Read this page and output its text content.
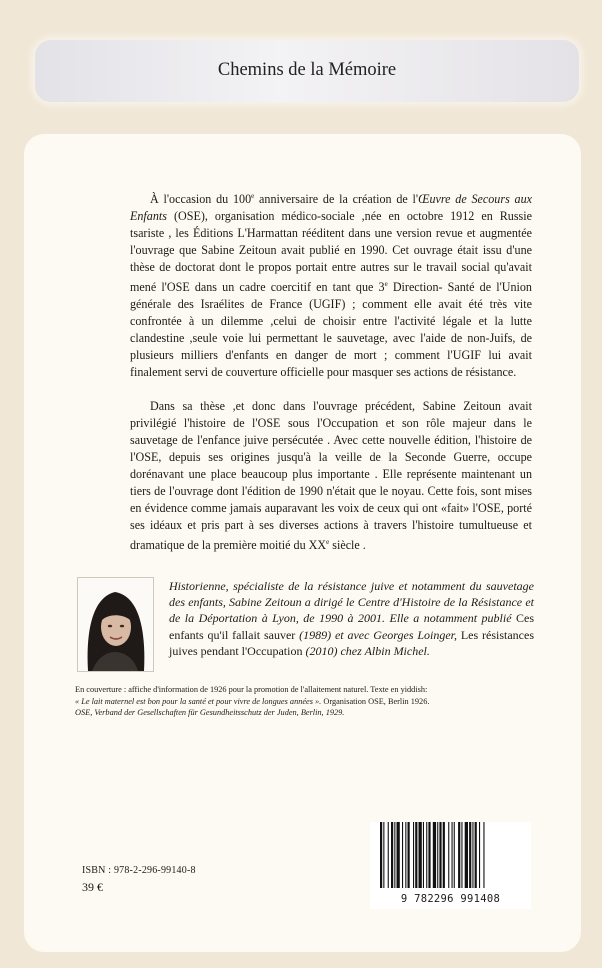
Chemins de la Mémoire

À l'occasion du 100e anniversaire de la création de l'Œuvre de Secours aux Enfants (OSE), organisation médico-sociale ,née en octobre 1912 en Russie tsariste , les Éditions L'Harmattan rééditent dans une version revue et augmentée l'ouvrage que Sabine Zeitoun avait publié en 1990. Cet ouvrage était issu d'une thèse de doctorat dont le propos portait entre autres sur le travail social qu'avait mené l'OSE dans un cadre coercitif en tant que 3e Direction- Santé de l'Union générale des Israélites de France (UGIF) ; comment elle avait été très vite confrontée à un dilemme ,celui de choisir entre l'activité légale et la lutte clandestine ,seule voie lui permettant le sauvetage, avec l'aide de non-Juifs, de plusieurs milliers d'enfants en danger de mort ; comment l'UGIF lui avait finalement servi de couverture officielle pour masquer ses actions de résistance.

Dans sa thèse ,et donc dans l'ouvrage précédent, Sabine Zeitoun avait privilégié l'histoire de l'OSE sous l'Occupation et son rôle majeur dans le sauvetage de l'enfance juive persécutée . Avec cette nouvelle édition, l'histoire de l'OSE, depuis ses origines jusqu'à la veille de la Seconde Guerre, occupe dorénavant une place beaucoup plus importante . Elle représente maintenant un tiers de l'ouvrage dont l'édition de 1990 n'était que le noyau. Cette fois, sont mises en évidence comme jamais auparavant les voix de ceux qui ont «fait» l'OSE, porté ses idéaux et pris part à ses diverses actions à travers l'histoire tumultueuse et dramatique de la première moitié du XXe siècle .

Historienne, spécialiste de la résistance juive et notamment du sauvetage des enfants, Sabine Zeitoun a dirigé le Centre d'Histoire de la Résistance et de la Déportation à Lyon, de 1990 à 2001. Elle a notamment publié Ces enfants qu'il fallait sauver (1989) et avec Georges Loinger, Les résistances juives pendant l'Occupation (2010) chez Albin Michel.
En couverture : affiche d'information de 1926 pour la promotion de l'allaitement naturel. Texte en yiddish:
« Le lait maternel est bon pour la santé et pour vivre de longues années ». Organisation OSE, Berlin 1926.
OSE, Verband der Gesellschaften für Gesundheitsschutz der Juden, Berlin, 1929.
ISBN : 978-2-296-99140-8
39 €
9 782296 991408
